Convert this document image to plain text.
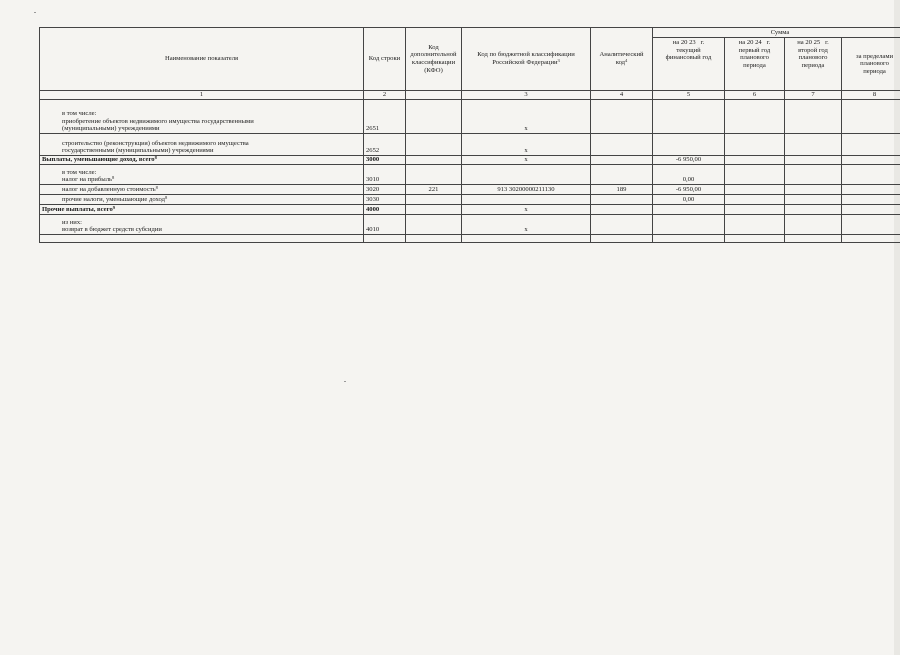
Наименование показателя	Код строки	Код
дополнительной
классификации
(КФО)	Код по бюджетной классификации Российской Федерации$^3$	Аналитический код$^4$	Сумма			

					на 20 23 г.
текущий
финансовый год	на 20 24 г.
первый год
планового
периода	на 20 25 г.
второй год
планового
периода	за пределами
планового
периода

1	2		3	4	5	6	7	8

в том числе:
приобретение объектов недвижимого имущества государственными
(муниципальными) учреждениями	2651		x					

строительство (реконструкция) объектов недвижимого имущества
государственными (муниципальными) учреждениями	2652		x					
Выплаты, уменьшающие доход, всего$^8$	3000		x		-6 950,00			

в том числе:
налог на прибыль$^8$	3010				0,00			
налог на добавленную стоимость$^8$	3020	221	913 30200000211130	189	-6 950,00			
прочие налоги, уменьшающие доход$^8$	3030				0,00			
Прочие выплаты, всего$^9$	4000		x					

из них:
возврат в бюджет средств субсидии	4010		x					
